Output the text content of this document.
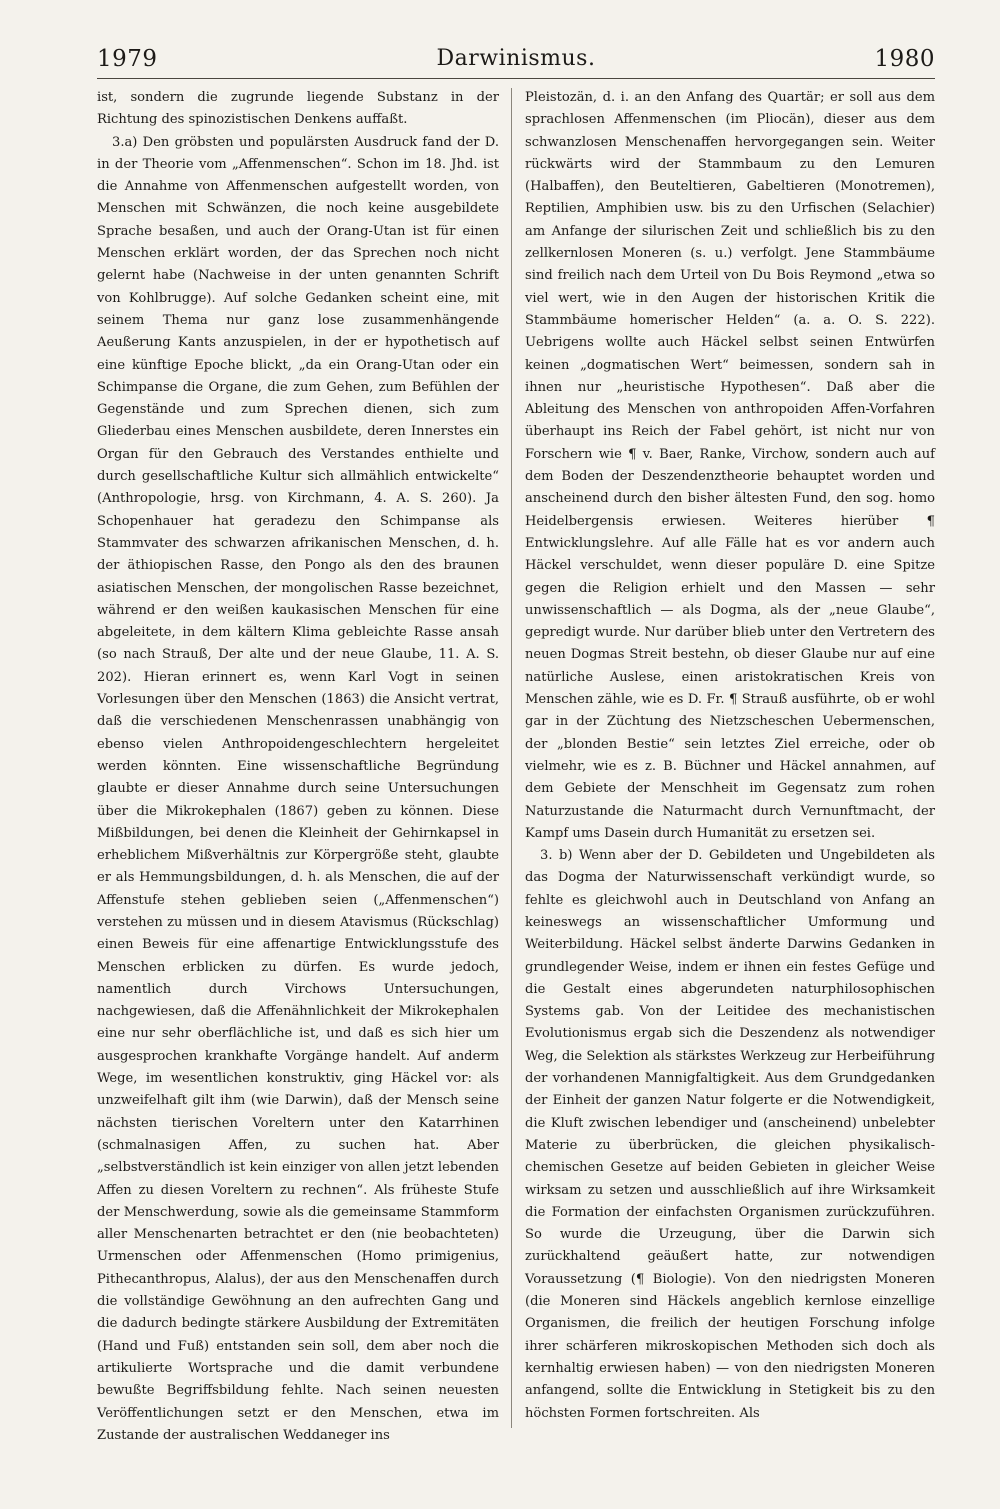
1979	Darwinismus.	1980

ist, sondern die zugrunde liegende Substanz in der Richtung des spinozistischen Denkens auffaßt.

3.a) Den gröbsten und populärsten Ausdruck fand der D. in der Theorie vom „Affenmenschen“. Schon im 18. Jhd. ist die Annahme von Affenmenschen aufgestellt worden, von Menschen mit Schwänzen, die noch keine ausgebildete Sprache besaßen, und auch der Orang-Utan ist für einen Menschen erklärt worden, der das Sprechen noch nicht gelernt habe (Nachweise in der unten genannten Schrift von Kohlbrugge). Auf solche Gedanken scheint eine, mit seinem Thema nur ganz lose zusammenhängende Aeußerung Kants anzuspielen, in der er hypothetisch auf eine künftige Epoche blickt, „da ein Orang-Utan oder ein Schimpanse die Organe, die zum Gehen, zum Befühlen der Gegenstände und zum Sprechen dienen, sich zum Gliederbau eines Menschen ausbildete, deren Innerstes ein Organ für den Gebrauch des Verstandes enthielte und durch gesellschaftliche Kultur sich allmählich entwickelte“ (Anthropologie, hrsg. von Kirchmann, 4. A. S. 260). Ja Schopenhauer hat geradezu den Schimpanse als Stammvater des schwarzen afrikanischen Menschen, d. h. der äthiopischen Rasse, den Pongo als den des braunen asiatischen Menschen, der mongolischen Rasse bezeichnet, während er den weißen kaukasischen Menschen für eine abgeleitete, in dem kältern Klima gebleichte Rasse ansah (so nach Strauß, Der alte und der neue Glaube, 11. A. S. 202). Hieran erinnert es, wenn Karl Vogt in seinen Vorlesungen über den Menschen (1863) die Ansicht vertrat, daß die verschiedenen Menschenrassen unabhängig von ebenso vielen Anthropoidengeschlechtern hergeleitet werden könnten. Eine wissenschaftliche Begründung glaubte er dieser Annahme durch seine Untersuchungen über die Mikrokephalen (1867) geben zu können. Diese Mißbildungen, bei denen die Kleinheit der Gehirnkapsel in erheblichem Mißverhältnis zur Körpergröße steht, glaubte er als Hemmungsbildungen, d. h. als Menschen, die auf der Affenstufe stehen geblieben seien („Affenmenschen“) verstehen zu müssen und in diesem Atavismus (Rückschlag) einen Beweis für eine affenartige Entwicklungsstufe des Menschen erblicken zu dürfen. Es wurde jedoch, namentlich durch Virchows Untersuchungen, nachgewiesen, daß die Affenähnlichkeit der Mikrokephalen eine nur sehr oberflächliche ist, und daß es sich hier um ausgesprochen krankhafte Vorgänge handelt. Auf anderm Wege, im wesentlichen konstruktiv, ging Häckel vor: als unzweifelhaft gilt ihm (wie Darwin), daß der Mensch seine nächsten tierischen Voreltern unter den Katarrhinen (schmalnasigen Affen, zu suchen hat. Aber „selbstverständlich ist kein einziger von allen jetzt lebenden Affen zu diesen Voreltern zu rechnen“. Als früheste Stufe der Menschwerdung, sowie als die gemeinsame Stammform aller Menschenarten betrachtet er den (nie beobachteten) Urmenschen oder Affenmenschen (Homo primigenius, Pithecanthropus, Alalus), der aus den Menschenaffen durch die vollständige Gewöhnung an den aufrechten Gang und die dadurch bedingte stärkere Ausbildung der Extremitäten (Hand und Fuß) entstanden sein soll, dem aber noch die artikulierte Wortsprache und die damit verbundene bewußte Begriffsbildung fehlte. Nach seinen neuesten Veröffentlichungen setzt er den Menschen, etwa im Zustande der australischen Weddaneger ins

Pleistozän, d. i. an den Anfang des Quartär; er soll aus dem sprachlosen Affenmenschen (im Pliocän), dieser aus dem schwanzlosen Menschenaffen hervorgegangen sein. Weiter rückwärts wird der Stammbaum zu den Lemuren (Halbaffen), den Beuteltieren, Gabeltieren (Monotremen), Reptilien, Amphibien usw. bis zu den Urfischen (Selachier) am Anfange der silurischen Zeit und schließlich bis zu den zellkernlosen Moneren (s. u.) verfolgt. Jene Stammbäume sind freilich nach dem Urteil von Du Bois Reymond „etwa so viel wert, wie in den Augen der historischen Kritik die Stammbäume homerischer Helden“ (a. a. O. S. 222). Uebrigens wollte auch Häckel selbst seinen Entwürfen keinen „dogmatischen Wert“ beimessen, sondern sah in ihnen nur „heuristische Hypothesen“. Daß aber die Ableitung des Menschen von anthropoiden Affen-Vorfahren überhaupt ins Reich der Fabel gehört, ist nicht nur von Forschern wie ¶ v. Baer, Ranke, Virchow, sondern auch auf dem Boden der Deszendenztheorie behauptet worden und anscheinend durch den bisher ältesten Fund, den sog. homo Heidelbergensis erwiesen. Weiteres hierüber ¶ Entwicklungslehre. Auf alle Fälle hat es vor andern auch Häckel verschuldet, wenn dieser populäre D. eine Spitze gegen die Religion erhielt und den Massen — sehr unwissenschaftlich — als Dogma, als der „neue Glaube“, gepredigt wurde. Nur darüber blieb unter den Vertretern des neuen Dogmas Streit bestehn, ob dieser Glaube nur auf eine natürliche Auslese, einen aristokratischen Kreis von Menschen zähle, wie es D. Fr. ¶ Strauß ausführte, ob er wohl gar in der Züchtung des Nietzscheschen Uebermenschen, der „blonden Bestie“ sein letztes Ziel erreiche, oder ob vielmehr, wie es z. B. Büchner und Häckel annahmen, auf dem Gebiete der Menschheit im Gegensatz zum rohen Naturzustande die Naturmacht durch Vernunftmacht, der Kampf ums Dasein durch Humanität zu ersetzen sei.

3. b) Wenn aber der D. Gebildeten und Ungebildeten als das Dogma der Naturwissenschaft verkündigt wurde, so fehlte es gleichwohl auch in Deutschland von Anfang an keineswegs an wissenschaftlicher Umformung und Weiterbildung. Häckel selbst änderte Darwins Gedanken in grundlegender Weise, indem er ihnen ein festes Gefüge und die Gestalt eines abgerundeten naturphilosophischen Systems gab. Von der Leitidee des mechanistischen Evolutionismus ergab sich die Deszendenz als notwendiger Weg, die Selektion als stärkstes Werkzeug zur Herbeiführung der vorhandenen Mannigfaltigkeit. Aus dem Grundgedanken der Einheit der ganzen Natur folgerte er die Notwendigkeit, die Kluft zwischen lebendiger und (anscheinend) unbelebter Materie zu überbrücken, die gleichen physikalisch-chemischen Gesetze auf beiden Gebieten in gleicher Weise wirksam zu setzen und ausschließlich auf ihre Wirksamkeit die Formation der einfachsten Organismen zurückzuführen. So wurde die Urzeugung, über die Darwin sich zurückhaltend geäußert hatte, zur notwendigen Voraussetzung (¶ Biologie). Von den niedrigsten Moneren (die Moneren sind Häckels angeblich kernlose einzellige Organismen, die freilich der heutigen Forschung infolge ihrer schärferen mikroskopischen Methoden sich doch als kernhaltig erwiesen haben) — von den niedrigsten Moneren anfangend, sollte die Entwicklung in Stetigkeit bis zu den höchsten Formen fortschreiten. Als
